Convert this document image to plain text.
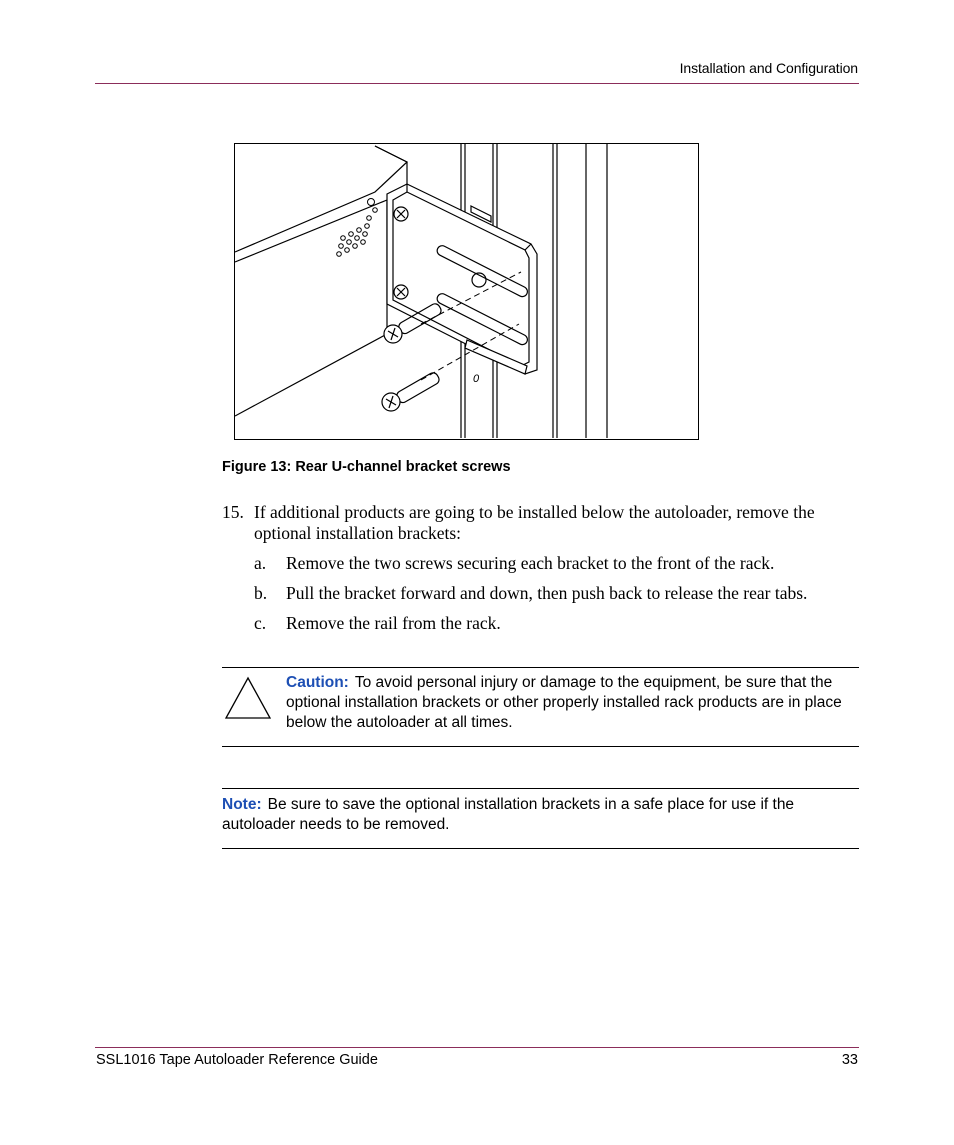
Installation and Configuration
0
Figure 13: Rear U-channel bracket screws
15. If additional products are going to be installed below the autoloader, remove the optional installation brackets:
a. Remove the two screws securing each bracket to the front of the rack.
b. Pull the bracket forward and down, then push back to release the rear tabs.
c. Remove the rail from the rack.
Caution: To avoid personal injury or damage to the equipment, be sure that the optional installation brackets or other properly installed rack products are in place below the autoloader at all times.
Note: Be sure to save the optional installation brackets in a safe place for use if the autoloader needs to be removed.
SSL1016 Tape Autoloader Reference Guide	33
